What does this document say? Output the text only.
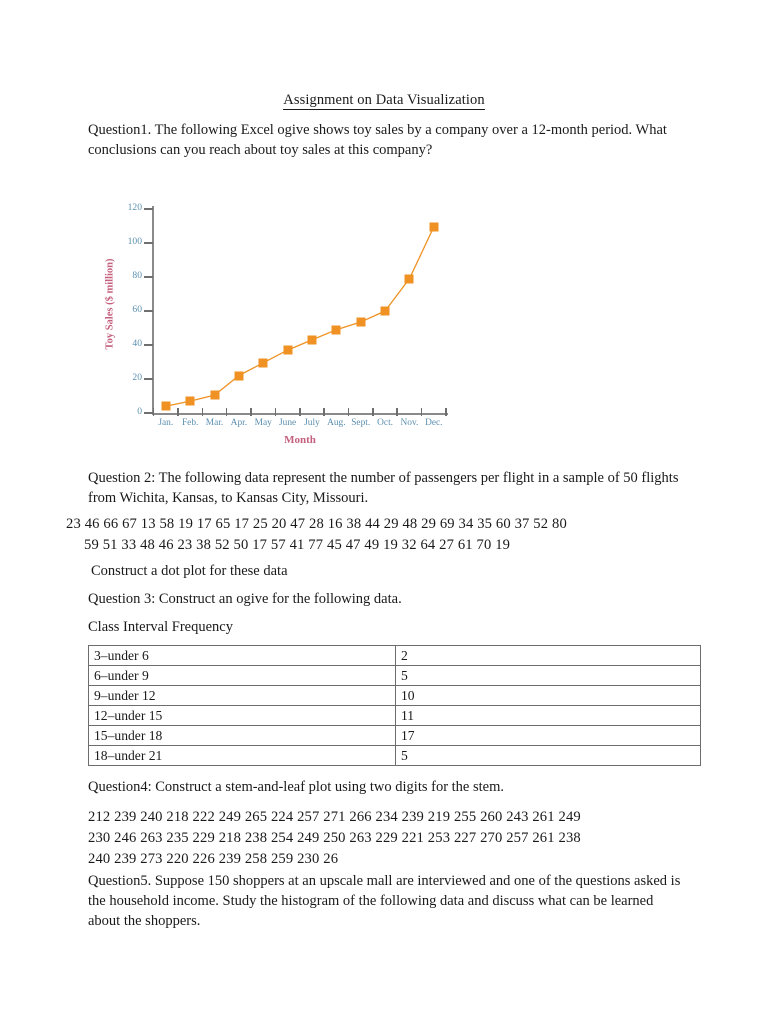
Assignment on Data Visualization
Question1. The following Excel ogive shows toy sales by a company over a 12-month period. What conclusions can you reach about toy sales at this company?
Toy Sales ($ million)
Month
0
20
40
60
80
100
120
Jan. Feb. Mar. Apr. May June July Aug. Sept. Oct. Nov. Dec.
Question 2: The following data represent the number of passengers per flight in a sample of 50 flights from Wichita, Kansas, to Kansas City, Missouri.
23 46 66 67 13 58 19 17 65 17 25 20 47 28 16 38 44 29 48 29 69 34 35 60 37 52 80
59 51 33 48 46 23 38 52 50 17 57 41 77 45 47 49 19 32 64 27 61 70 19
Construct a dot plot for these data
Question 3: Construct an ogive for the following data.
Class Interval Frequency
3–under 6	2
6–under 9	5
9–under 12	10
12–under 15	11
15–under 18	17
18–under 21	5
Question4: Construct a stem-and-leaf plot using two digits for the stem.
212 239 240 218 222 249 265 224 257 271 266 234 239 219 255 260 243 261 249
230 246 263 235 229 218 238 254 249 250 263 229 221 253 227 270 257 261 238
240 239 273 220 226 239 258 259 230 26
Question5. Suppose 150 shoppers at an upscale mall are interviewed and one of the questions asked is the household income. Study the histogram of the following data and discuss what can be learned about the shoppers.
